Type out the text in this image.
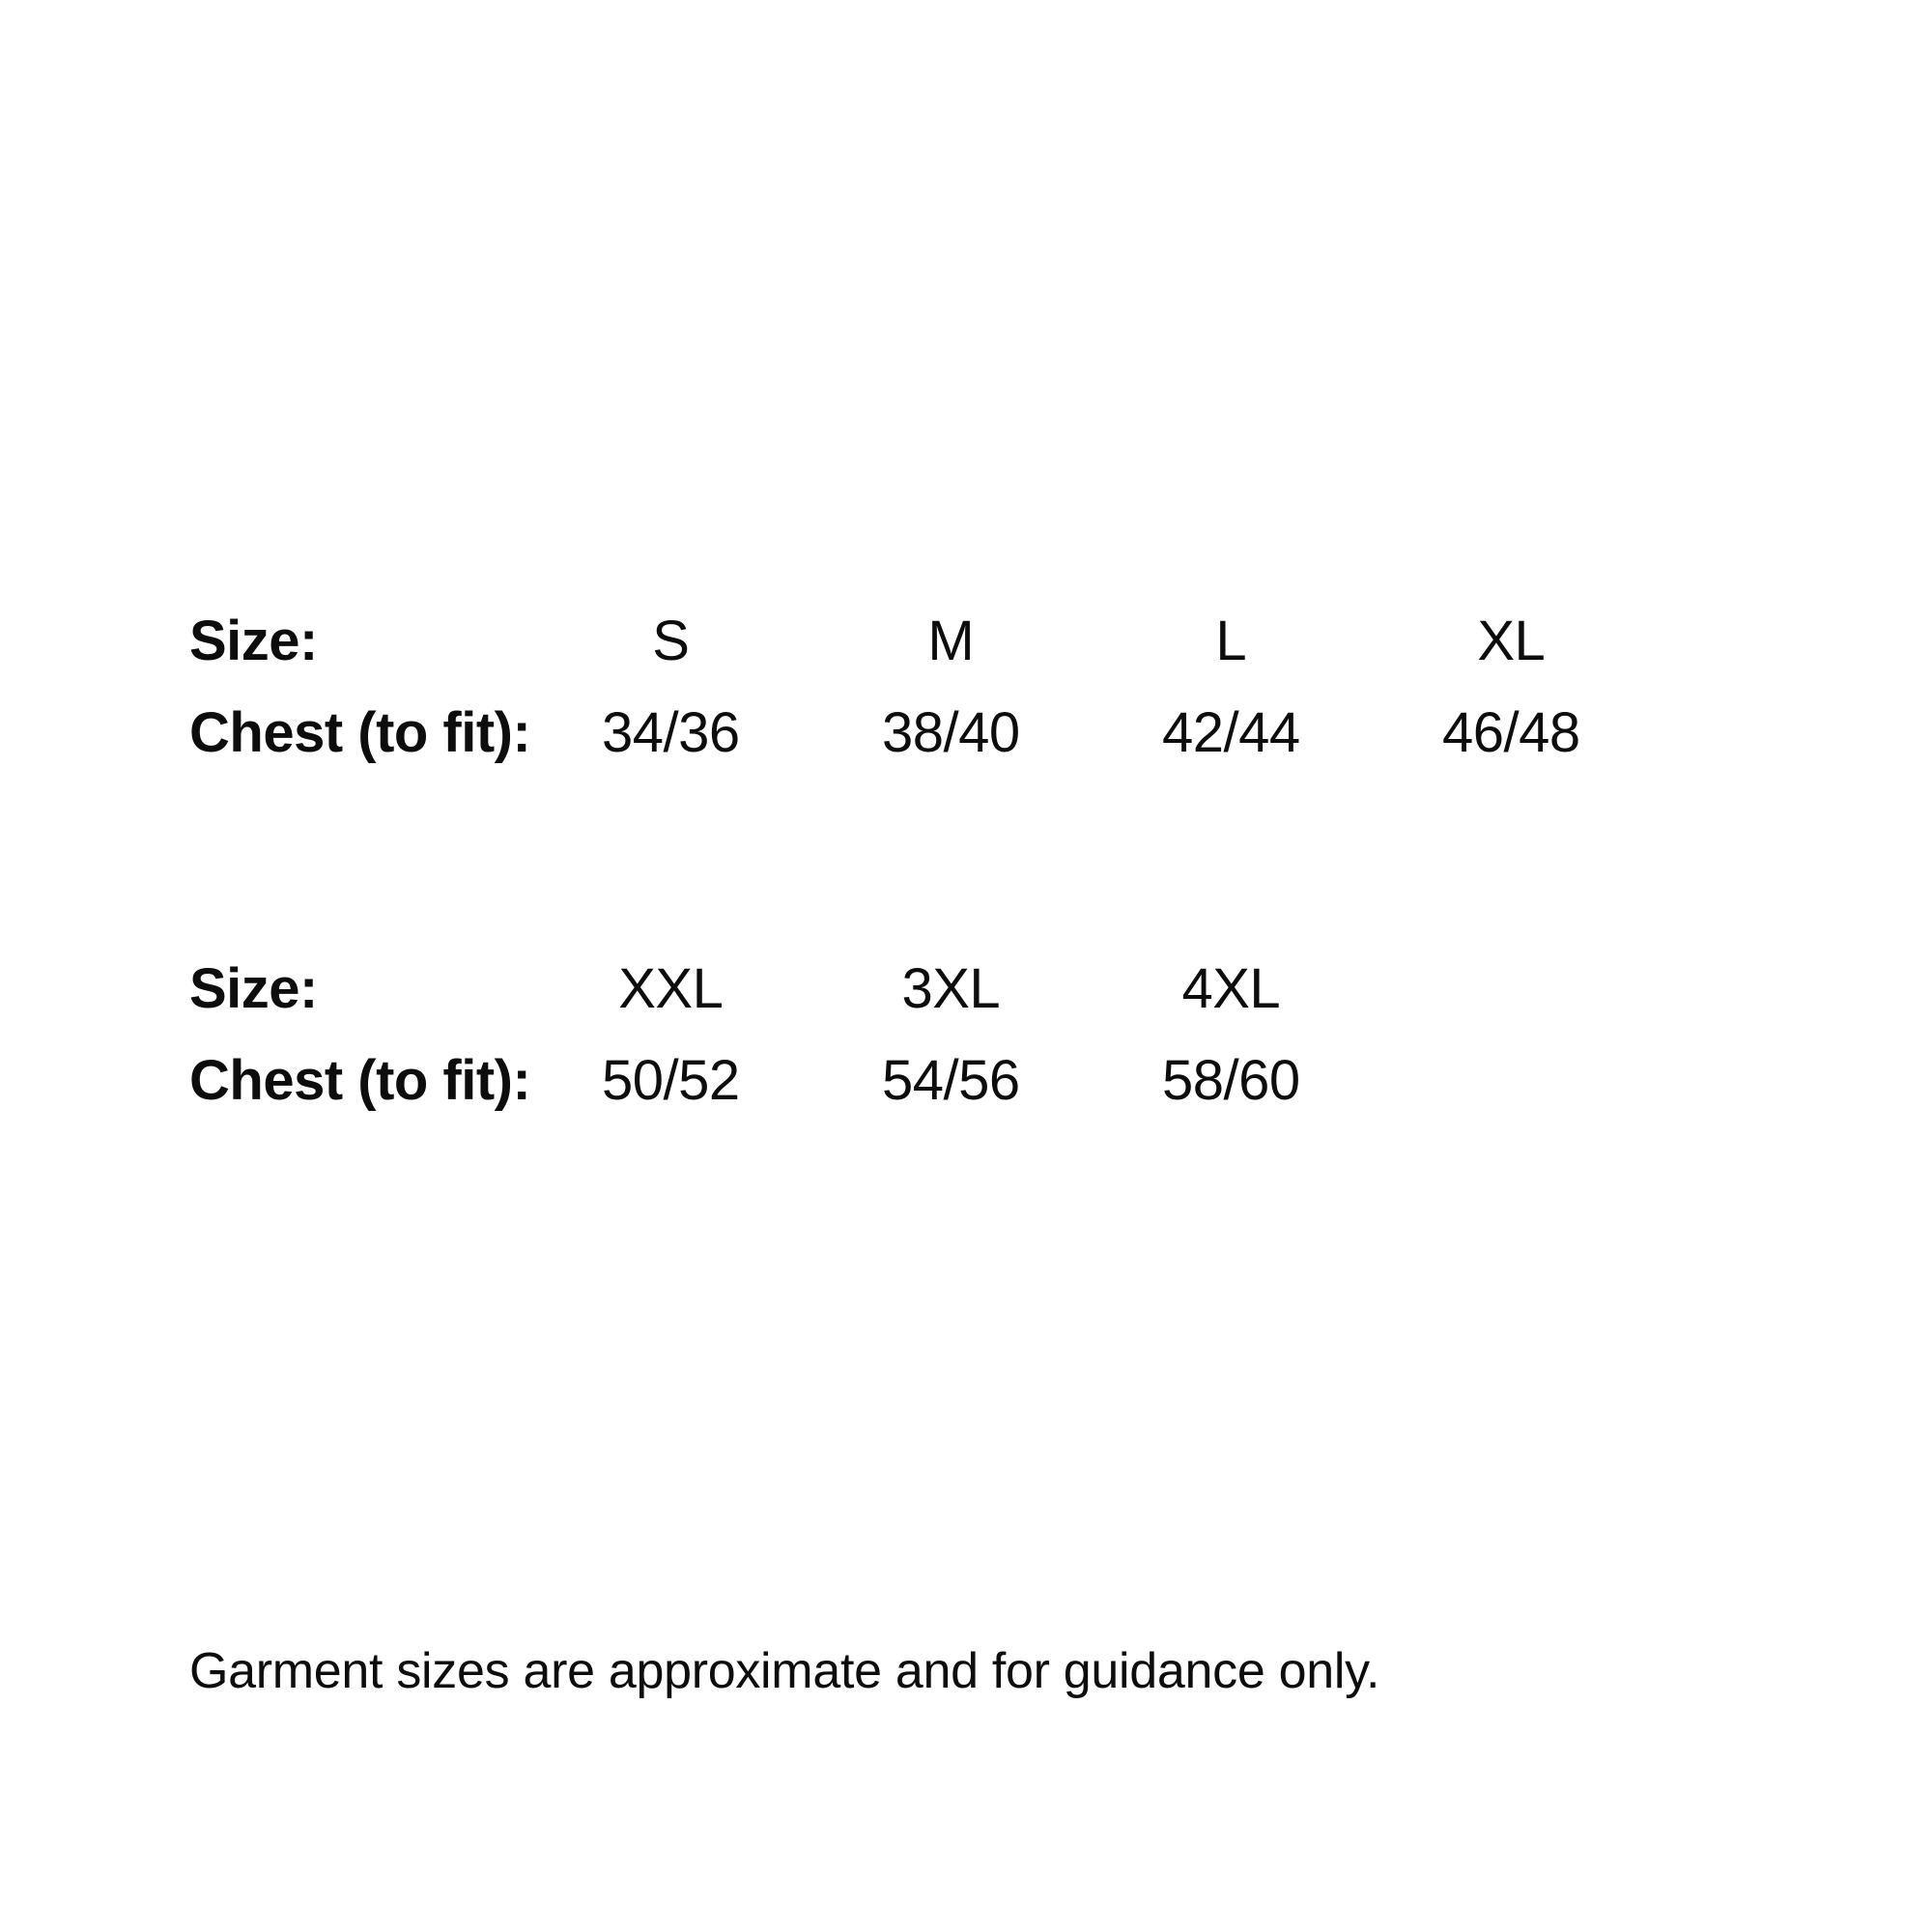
Size:	S	M	L	XL
Chest (to fit):	34/36	38/40	42/44	46/48
Size:	XXL	3XL	4XL
Chest (to fit):	50/52	54/56	58/60
Garment sizes are approximate and for guidance only.
